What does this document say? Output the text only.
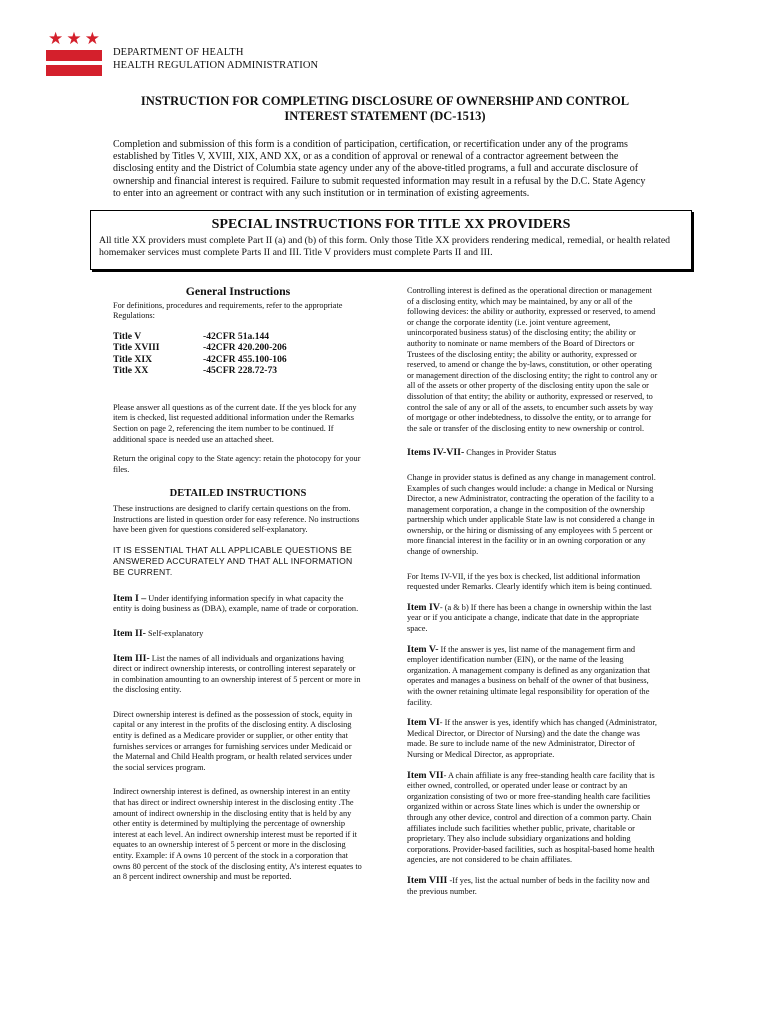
★ ★ ★
DEPARTMENT OF HEALTH
HEALTH REGULATION ADMINISTRATION
INSTRUCTION FOR COMPLETING DISCLOSURE OF OWNERSHIP AND CONTROL
INTEREST STATEMENT (DC-1513)
Completion and submission of this form is a condition of participation, certification, or recertification under any of the programs established by Titles V, XVIII, XIX, AND XX, or as a condition of approval or renewal of a contractor agreement between the disclosing entity and the District of Columbia state agency under any of the above-titled programs, a full and accurate disclosure of ownership and financial interest is required. Failure to submit requested information may result in a refusal by the D.C. State Agency to enter into an agreement or contract with any such institution or in termination of existing agreements.
SPECIAL INSTRUCTIONS FOR TITLE XX PROVIDERS

All title XX providers must complete Part II (a) and (b) of this form. Only those Title XX providers rendering medical, remedial, or health related homemaker services must complete Parts II and III. Title V providers must complete Parts II and III.

General Instructions

For definitions, procedures and requirements, refer to the appropriate Regulations:

Title V
Title XVIII
Title XIX
Title XX
-42CFR 51a.144
-42CFR 420.200-206
-42CFR 455.100-106
-45CFR 228.72-73

Please answer all questions as of the current date. If the yes block for any item is checked, list requested additional information under the Remarks Section on page 2, referencing the item number to be continued. If additional space is needed use an attached sheet.

Return the original copy to the State agency: retain the photocopy for your files.

DETAILED INSTRUCTIONS

These instructions are designed to clarify certain questions on the from. Instructions are listed in question order for easy reference. No instructions have been given for questions considered self-explanatory.

IT IS ESSENTIAL THAT ALL APPLICABLE QUESTIONS BE ANSWERED ACCURATELY AND THAT ALL INFORMATION BE CURRENT.

Item I – Under identifying information specify in what capacity the entity is doing business as (DBA), example, name of trade or corporation.

Item II- Self-explanatory

Item III- List the names of all individuals and organizations having direct or indirect ownership interests, or controlling interest separately or in combination amounting to an ownership interest of 5 percent or more in the disclosing entity.

Direct ownership interest is defined as the possession of stock, equity in capital or any interest in the profits of the disclosing entity. A disclosing entity is defined as a Medicare provider or supplier, or other entity that furnishes services or arranges for furnishing services under Medicaid or the Maternal and Child Health program, or health related services under the social services program.

Indirect ownership interest is defined, as ownership interest in an entity that has direct or indirect ownership interest in the disclosing entity .The amount of indirect ownership in the disclosing entity that is held by any other entity is determined by multiplying the percentage of ownership interest at each level. An indirect ownership interest must be reported if it equates to an ownership interest of 5 percent or more in the disclosing entity. Example: if A owns 10 percent of the stock in a corporation that owns 80 percent of the stock of the disclosing entity, A’s interest equates to an 8 percent indirect ownership and must be reported.

Controlling interest is defined as the operational direction or management of a disclosing entity, which may be maintained, by any or all of the following devices: the ability or authority, expressed or reserved, to amend or change the corporate identity (i.e. joint venture agreement, unincorporated business status) of the disclosing entity; the ability or authority to nominate or name members of the Board of Directors or Trustees of the disclosing entity; the ability or authority, expressed or reserved, to amend or change the by-laws, constitution, or other operating or management direction of the disclosing entity; the right to control any or all of the assets or other property of the disclosing entity upon the sale or dissolution of that entity; the ability or authority, expressed or reserved, to control the sale of any or all of the assets, to encumber such assets by way of mortgage or other indebtedness, to dissolve the entity, or to arrange for the sale or transfer of the disclosing entity to new ownership or control.

Items IV-VII- Changes in Provider Status

Change in provider status is defined as any change in management control. Examples of such changes would include: a change in Medical or Nursing Director, a new Administrator, contracting the operation of the facility to a management corporation, a change in the composition of the ownership partnership which under applicable State law is not considered a change in ownership, or the hiring or dismissing of any employees with 5 percent or more financial interest in the facility or in an owning corporation or any change of ownership.

For Items IV-VII, if the yes box is checked, list additional information requested under Remarks. Clearly identify which item is being continued.

Item IV- (a & b) If there has been a change in ownership within the last year or if you anticipate a change, indicate that date in the appropriate space.

Item V- If the answer is yes, list name of the management firm and employer identification number (EIN), or the name of the leasing organization. A management company is defined as any organization that operates and manages a business on behalf of the owner of that business, with the owner retaining ultimate legal responsibility for operation of the facility.

Item VI- If the answer is yes, identify which has changed (Administrator, Medical Director, or Director of Nursing) and the date the change was made. Be sure to include name of the new Administrator, Director of Nursing or Medical Director, as appropriate.

Item VII- A chain affiliate is any free-standing health care facility that is either owned, controlled, or operated under lease or contract by an organization consisting of two or more free-standing health care facilities organized within or across State lines which is under the ownership or through any other device, control and direction of a common party. Chain affiliates include such facilities whether public, private, charitable or proprietary. They also include subsidiary organizations and holding corporations. Provider-based facilities, such as hospital-based home health agencies, are not considered to be chain affiliates.

Item VIII -If yes, list the actual number of beds in the facility now and the previous number.
